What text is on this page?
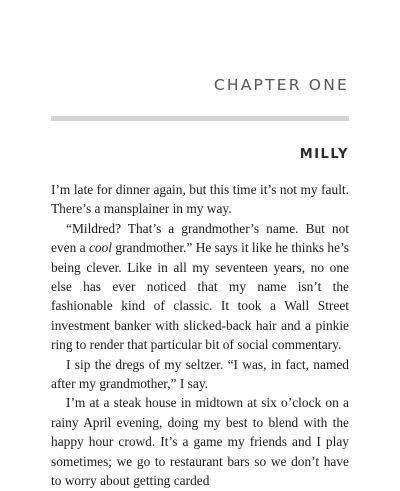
CHAPTER ONE
MILLY

I’m late for dinner again, but this time it’s not my fault. There’s a mansplainer in my way.

“Mildred? That’s a grandmother’s name. But not even a cool grandmother.” He says it like he thinks he’s being clever. Like in all my seventeen years, no one else has ever noticed that my name isn’t the fashionable kind of classic. It took a Wall Street investment banker with slicked-back hair and a pinkie ring to render that particular bit of social commentary.

I sip the dregs of my seltzer. “I was, in fact, named after my grandmother,” I say.

I’m at a steak house in midtown at six o’clock on a rainy April evening, doing my best to blend with the happy hour crowd. It’s a game my friends and I play sometimes; we go to restaurant bars so we don’t have to worry about getting carded
